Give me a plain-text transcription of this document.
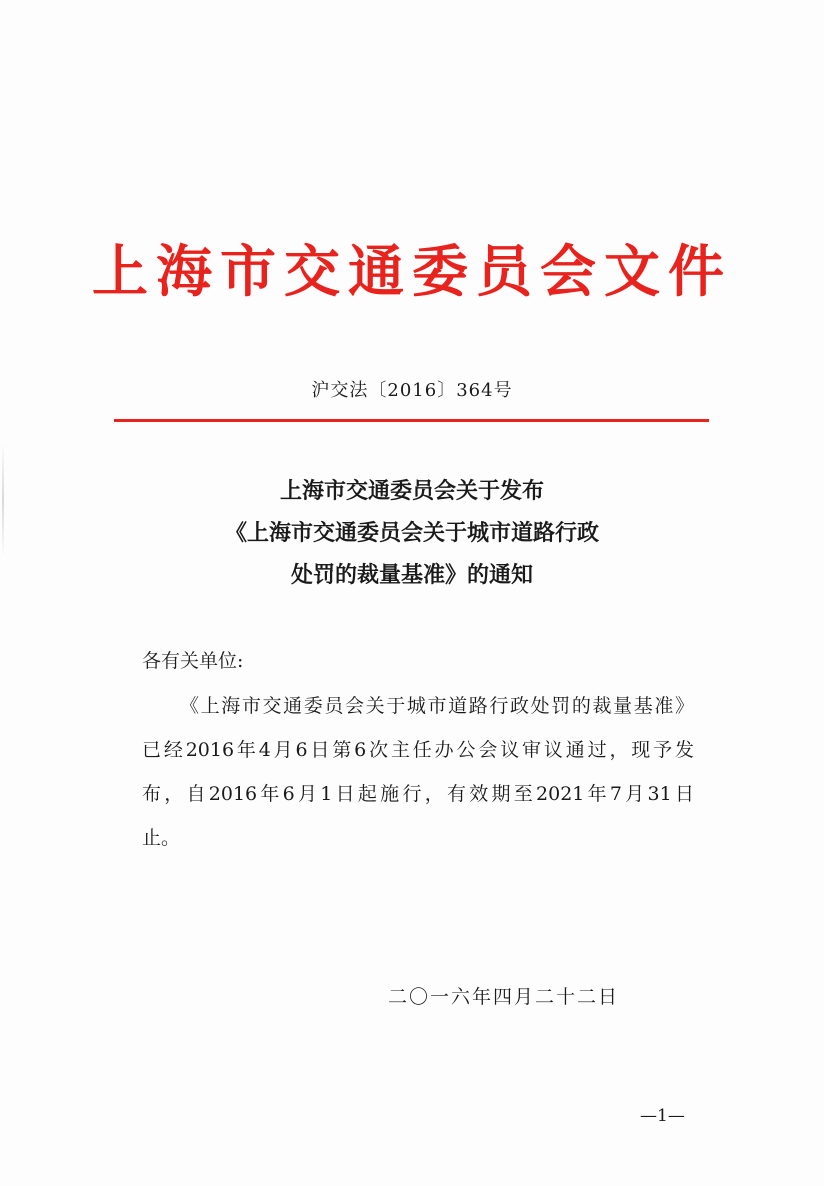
上海市交通委员会文件
沪交法〔2016〕364号
上海市交通委员会关于发布
《上海市交通委员会关于城市道路行政
处罚的裁量基准》的通知
各有关单位:
《上海市交通委员会关于城市道路行政处罚的裁量基准》
已经2016年4月6日第6次主任办公会议审议通过，现予发
布，自2016年6月1日起施行，有效期至2021年7月31日
止。
二〇一六年四月二十二日
—1—
